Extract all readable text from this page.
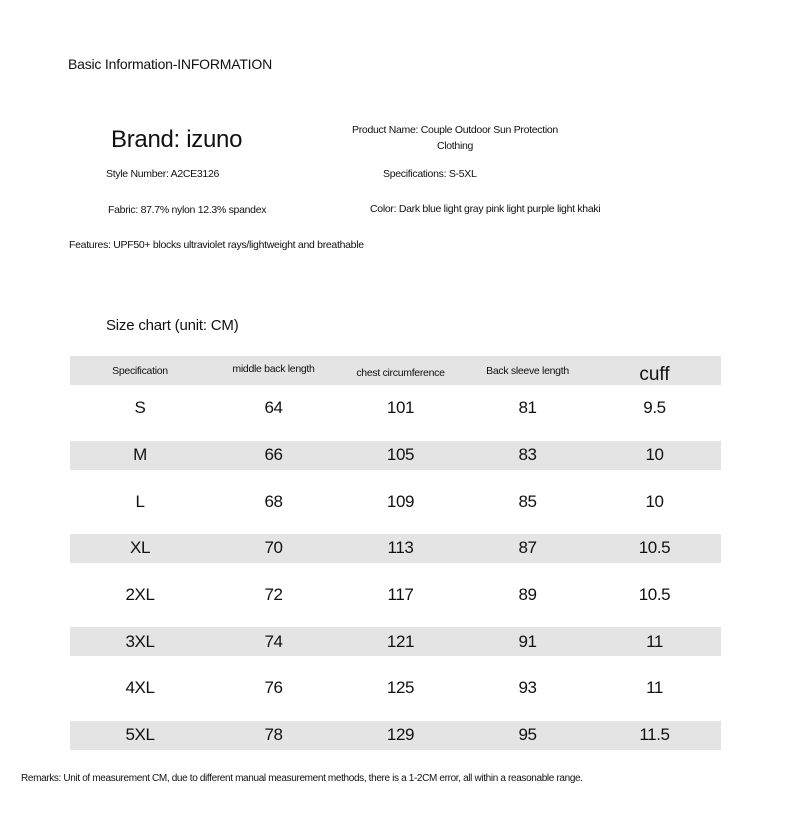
Basic Information-INFORMATION
Brand: izuno	Product Name: Couple Outdoor Sun Protection Clothing
Style Number: A2CE3126	Specifications: S-5XL
Fabric: 87.7% nylon 12.3% spandex	Color: Dark blue light gray pink light purple light khaki
Features: UPF50+ blocks ultraviolet rays/lightweight and breathable
Size chart (unit: CM)
Specification	middle back length	chest circumference	Back sleeve length	cuff
S	64	101	81	9.5
M	66	105	83	10
L	68	109	85	10
XL	70	113	87	10.5
2XL	72	117	89	10.5
3XL	74	121	91	11
4XL	76	125	93	11
5XL	78	129	95	11.5
Remarks: Unit of measurement CM, due to different manual measurement methods, there is a 1-2CM error, all within a reasonable range.
